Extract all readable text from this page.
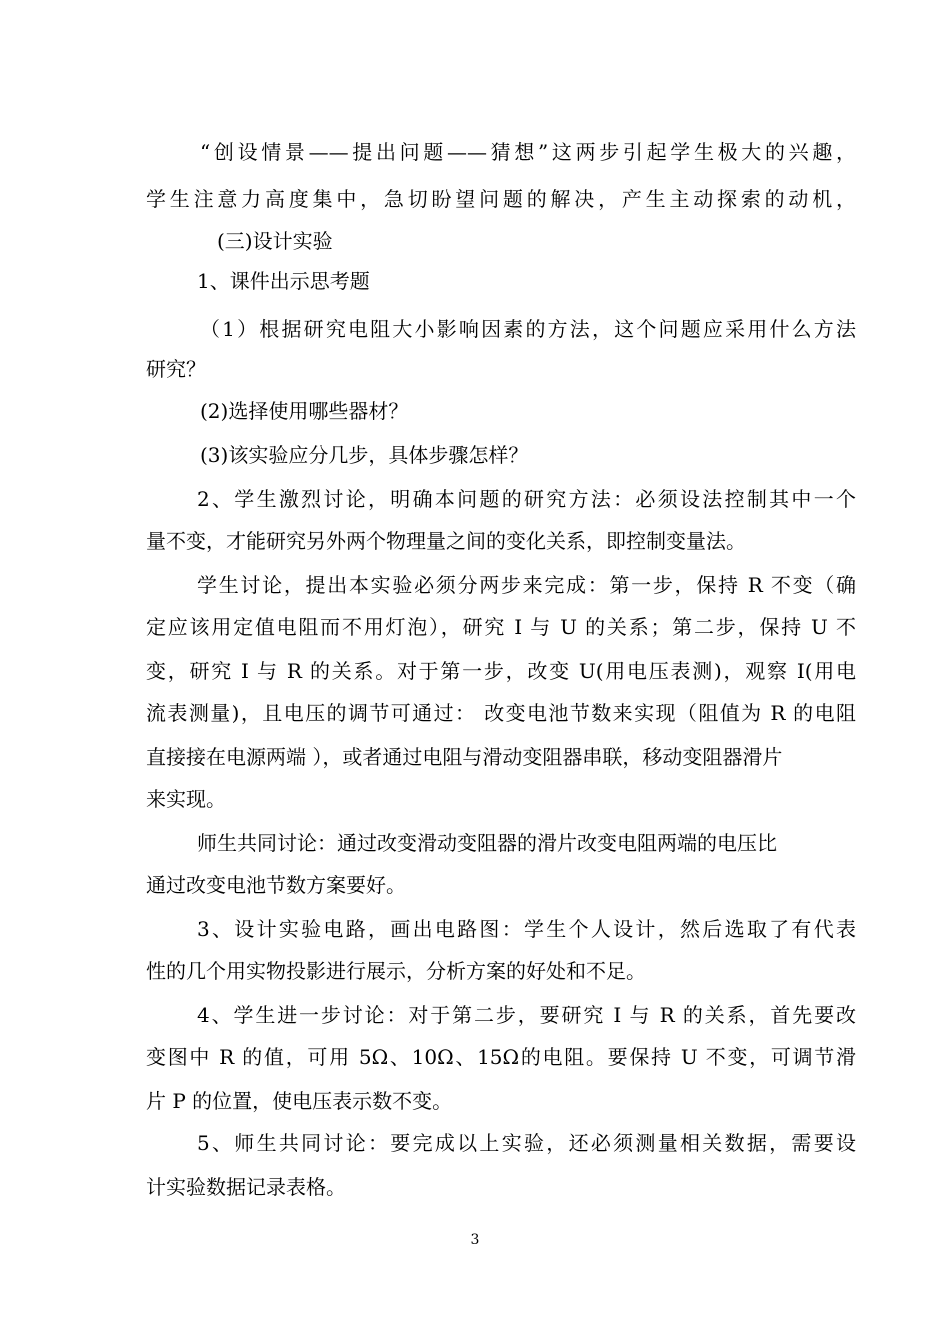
“创设情景——提出问题——猜想”这两步引起学生极大的兴趣，
学生注意力高度集中，急切盼望问题的解决，产生主动探索的动机，
(三)设计实验
1、课件出示思考题
（1）根据研究电阻大小影响因素的方法，这个问题应采用什么方法
研究？
(2)选择使用哪些器材？
(3)该实验应分几步，具体步骤怎样？
2、学生激烈讨论，明确本问题的研究方法：必须设法控制其中一个
量不变，才能研究另外两个物理量之间的变化关系，即控制变量法。
学生讨论，提出本实验必须分两步来完成：第一步，保持 R 不变（确
定应该用定值电阻而不用灯泡），研究 I 与 U 的关系；第二步，保持 U 不
变，研究 I 与 R 的关系。对于第一步，改变 U(用电压表测)，观察 I(用电
流表测量)，且电压的调节可通过： 改变电池节数来实现（阻值为 R 的电阻
直接接在电源两端 ），或者通过电阻与滑动变阻器串联，移动变阻器滑片
来实现。
师生共同讨论：通过改变滑动变阻器的滑片改变电阻两端的电压比
通过改变电池节数方案要好。
3、设计实验电路，画出电路图：学生个人设计，然后选取了有代表
性的几个用实物投影进行展示，分析方案的好处和不足。
4、学生进一步讨论：对于第二步，要研究 I 与 R 的关系，首先要改
变图中 R 的值，可用 5Ω、10Ω、15Ω的电阻。要保持 U 不变，可调节滑
片 P 的位置，使电压表示数不变。
5、师生共同讨论：要完成以上实验，还必须测量相关数据，需要设
计实验数据记录表格。
3
